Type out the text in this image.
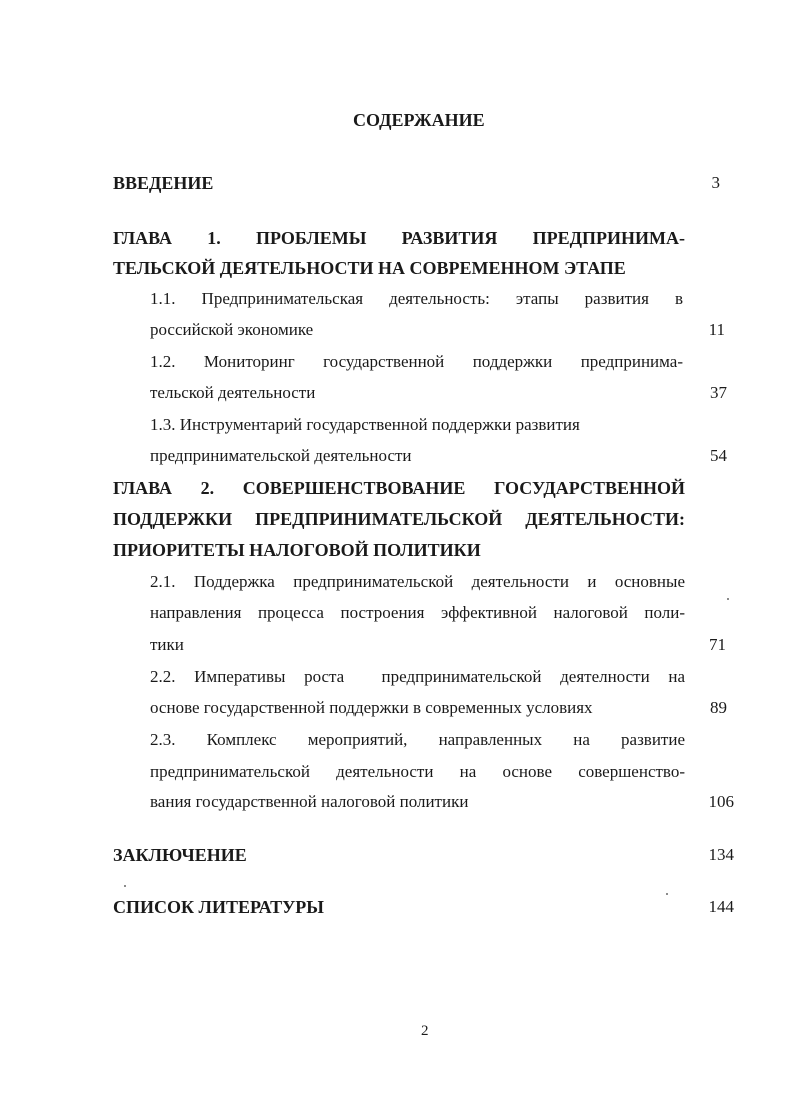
СОДЕРЖАНИЕ
ВВЕДЕНИЕ	3
ГЛАВА 1. ПРОБЛЕМЫ РАЗВИТИЯ ПРЕДПРИНИМА-
ТЕЛЬСКОЙ ДЕЯТЕЛЬНОСТИ НА СОВРЕМЕННОМ ЭТАПЕ
1.1. Предпринимательская деятельность: этапы развития в
российской экономике	11
1.2. Мониторинг государственной поддержки предпринима-
тельской деятельности	37
1.3. Инструментарий государственной поддержки развития
предпринимательской деятельности	54
ГЛАВА 2. СОВЕРШЕНСТВОВАНИЕ ГОСУДАРСТВЕННОЙ
ПОДДЕРЖКИ ПРЕДПРИНИМАТЕЛЬСКОЙ ДЕЯТЕЛЬНОСТИ:
ПРИОРИТЕТЫ НАЛОГОВОЙ ПОЛИТИКИ
2.1. Поддержка предпринимательской деятельности и основные
направления процесса построения эффективной налоговой поли-
тики	71
2.2. Императивы роста  предпринимательской деятелности на
основе государственной поддержки в современных условиях	89
2.3. Комплекс мероприятий, направленных на развитие
предпринимательской деятельности на основе совершенство-
вания государственной налоговой политики	106
ЗАКЛЮЧЕНИЕ	134
СПИСОК ЛИТЕРАТУРЫ	144
2
